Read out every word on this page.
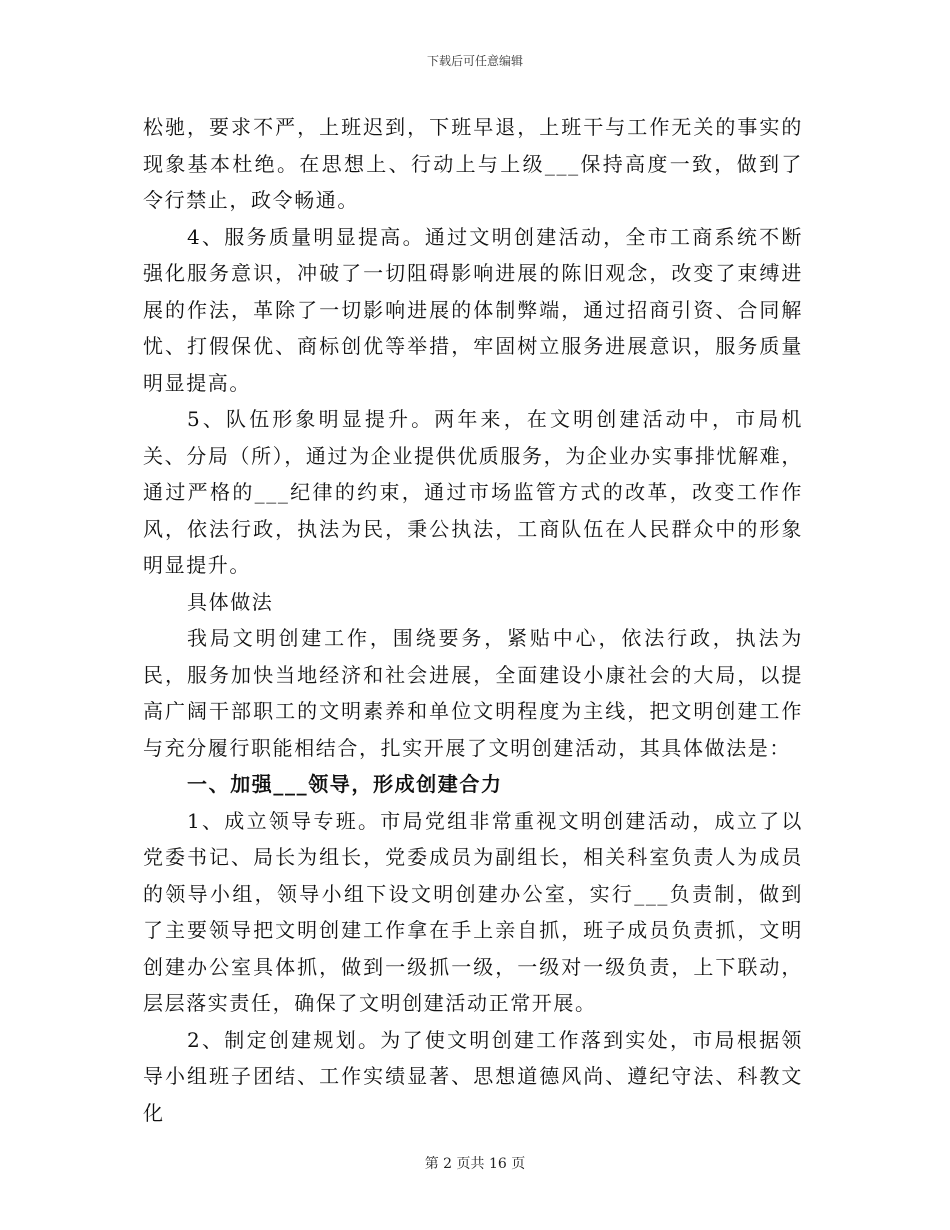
下载后可任意编辑

松驰，要求不严，上班迟到，下班早退，上班干与工作无关的事实的现象基本杜绝。在思想上、行动上与上级___保持高度一致，做到了令行禁止，政令畅通。

4、服务质量明显提高。通过文明创建活动，全市工商系统不断强化服务意识，冲破了一切阻碍影响进展的陈旧观念，改变了束缚进展的作法，革除了一切影响进展的体制弊端，通过招商引资、合同解忧、打假保优、商标创优等举措，牢固树立服务进展意识，服务质量明显提高。

5、队伍形象明显提升。两年来，在文明创建活动中，市局机关、分局（所），通过为企业提供优质服务，为企业办实事排忧解难，通过严格的___纪律的约束，通过市场监管方式的改革，改变工作作风，依法行政，执法为民，秉公执法，工商队伍在人民群众中的形象明显提升。

具体做法

我局文明创建工作，围绕要务，紧贴中心，依法行政，执法为民，服务加快当地经济和社会进展，全面建设小康社会的大局，以提高广阔干部职工的文明素养和单位文明程度为主线，把文明创建工作与充分履行职能相结合，扎实开展了文明创建活动，其具体做法是：

一、加强___领导，形成创建合力

1、成立领导专班。市局党组非常重视文明创建活动，成立了以党委书记、局长为组长，党委成员为副组长，相关科室负责人为成员的领导小组，领导小组下设文明创建办公室，实行___负责制，做到了主要领导把文明创建工作拿在手上亲自抓，班子成员负责抓，文明创建办公室具体抓，做到一级抓一级，一级对一级负责，上下联动，层层落实责任，确保了文明创建活动正常开展。

2、制定创建规划。为了使文明创建工作落到实处，市局根据领导小组班子团结、工作实绩显著、思想道德风尚、遵纪守法、科教文化

第 2 页共 16 页
